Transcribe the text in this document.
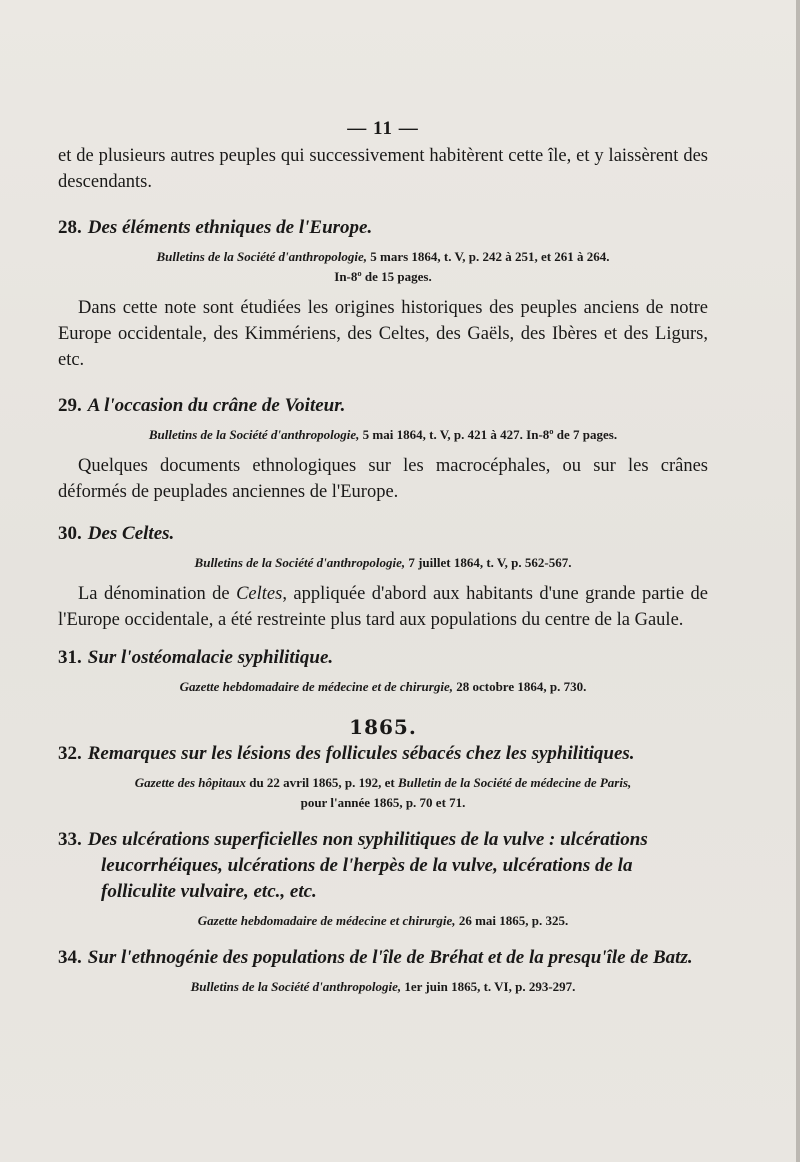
— 11 —

et de plusieurs autres peuples qui successivement habitèrent cette île, et y laissèrent des descendants.

28. Des éléments ethniques de l'Europe.

Bulletins de la Société d'anthropologie, 5 mars 1864, t. V, p. 242 à 251, et 261 à 264.
In-8º de 15 pages.

Dans cette note sont étudiées les origines historiques des peuples anciens de notre Europe occidentale, des Kimmériens, des Celtes, des Gaëls, des Ibères et des Ligurs, etc.

29. A l'occasion du crâne de Voiteur.

Bulletins de la Société d'anthropologie, 5 mai 1864, t. V, p. 421 à 427. In-8º de 7 pages.

Quelques documents ethnologiques sur les macrocéphales, ou sur les crânes déformés de peuplades anciennes de l'Europe.

30. Des Celtes.

Bulletins de la Société d'anthropologie, 7 juillet 1864, t. V, p. 562-567.

La dénomination de Celtes, appliquée d'abord aux habitants d'une grande partie de l'Europe occidentale, a été restreinte plus tard aux populations du centre de la Gaule.

31. Sur l'ostéomalacie syphilitique.

Gazette hebdomadaire de médecine et de chirurgie, 28 octobre 1864, p. 730.

1865.
32. Remarques sur les lésions des follicules sébacés chez les syphilitiques.

Gazette des hôpitaux du 22 avril 1865, p. 192, et Bulletin de la Société de médecine de Paris,
pour l'année 1865, p. 70 et 71.

33. Des ulcérations superficielles non syphilitiques de la vulve : ulcérations leucorrhéiques, ulcérations de l'herpès de la vulve, ulcérations de la folliculite vulvaire, etc., etc.

Gazette hebdomadaire de médecine et chirurgie, 26 mai 1865, p. 325.

34. Sur l'ethnogénie des populations de l'île de Bréhat et de la presqu'île de Batz.

Bulletins de la Société d'anthropologie, 1er juin 1865, t. VI, p. 293-297.
